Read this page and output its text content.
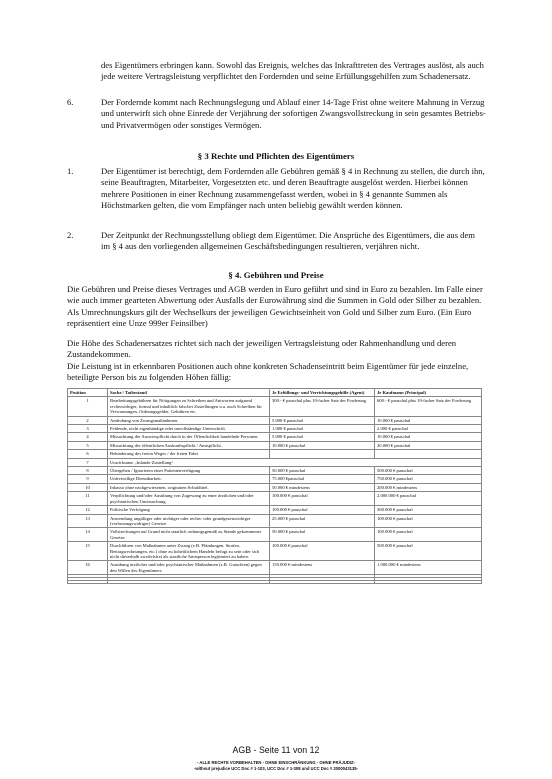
des Eigentümers erbringen kann. Sowohl das Ereignis, welches das Inkrafttreten des Vertrages auslöst, als auch jede weitere Vertragsleistung verpflichtet den Fordernden und seine Erfüllungsgehilfen zum Schadenersatz.

6.	Der Fordernde kommt nach Rechnungslegung und Ablauf einer 14-Tage Frist ohne weitere Mahnung in Verzug und unterwirft sich ohne Einrede der Verjährung der sofortigen Zwangsvollstreckung in sein gesamtes Betriebs- und Privatvermögen oder sonstiges Vermögen.

§ 3 Rechte und Pflichten des Eigentümers
1.	Der Eigentümer ist berechtigt, dem Fordernden alle Gebühren gemäß § 4 in Rechnung zu stellen, die durch ihn, seine Beauftragten, Mitarbeiter, Vorgesetzten etc. und deren Beauftragte ausgelöst werden. Hierbei können mehrere Positionen in einer Rechnung zusammengefasst werden, wobei in § 4 genannte Summen als Höchstmarken gelten, die vom Empfänger nach unten beliebig gewählt werden können.

2.	Der Zeitpunkt der Rechnungsstellung obliegt dem Eigentümer. Die Ansprüche des Eigentümers, die aus dem im § 4 aus den vorliegenden allgemeinen Geschäftsbedingungen resultieren, verjähren nicht.

§ 4. Gebühren und Preise

Die Gebühren und Preise dieses Vertrages und AGB werden in Euro geführt und sind in Euro zu bezahlen. Im Falle einer wie auch immer gearteten Abwertung oder Ausfalls der Eurowährung sind die Summen in Gold oder Silber zu bezahlen. Als Umrechnungskurs gilt der Wechselkurs der jeweiligen Gewichtseinheit von Gold und Silber zum Euro. (Ein Euro repräsentiert eine Unze 999er Feinsilber)

Die Höhe des Schadenersatzes richtet sich nach der jeweiligen Vertragsleistung oder Rahmenhandlung und deren Zustandekommen.

Die Leistung ist in erkennbaren Positionen auch ohne konkreten Schadenseintritt beim Eigentümer für jede einzelne, beteiligte Person bis zu folgenden Höhen fällig:

Position	Sache / Tatbestand	Je Erfüllungs- und Verrichtungsgehilfe (Agent)	Je Kaufmann (Principal)
1	Bearbeitungsgebühren für Nötigungen zu Schreiben und Antworten aufgrund rechtswidriger, formal und inhaltlich falscher Zustellungen u.a. auch Schreiben für Verwarnungen, Ordnungsgelder, Gebühren etc.	300.- € pauschal plus 10-facher Satz der Forderung	600.- € pauschal plus 10-facher Satz der Forderung
2	Androhung von Zwangsmaßnahmen.	5.000 € pauschal	10.000 € pauschal
3	Fehlende, nicht eigenhändige oder unvollständige Unterschrift.	1.000 € pauschal	2.000 € pauschal
4	Missachtung der Auswiespflicht durch in der Öffentlichkeit handelnde Personen.	5.000 € pauschal	10.000 € pauschal
5	Missachtung der öffentlichen Auskunftspflicht / Amtspflicht.	10.000 € pauschal	20.000 € pauschal
6	Behinderung des freien Weges / der freien Fahrt		
7	Unwirksame „Inlands-Zustellung“		
8	Übergehen / Ignorieren einer Patientenverfügung	50.000 € pauschal	500.000 € pauschal
9	Unfreiwillige Dienstbarkeit.	75.000 €pauschal	750.000 € pauschal
10	Inkasso ohne nachgewiesenen, originären Schuldtitel.	50.000 € mindestens	200.000 € mindestens
11	Verpflichtung und/oder Ausübung von Zugewang zu einer ärztlichen und/oder psychiatrischen Untersuchung.	100.000 € pauschal	2.000.000 € pauschal
12	Politische Verfolgung	100.000 € pauschal	300.000 € pauschal
13	Anwendung ungültiger oder nichtiger oder rechts- oder grundgesetzwidriger (verfassungswidriger) Gesetze.	25.000 € pauschal	100.000 € pauschal
14	Vollstreckungen auf Grund nicht staatlich ordnungsgemäß zu Stande gekommener Gesetze.	50.000 € pauschal	100.000 € pauschal
15	Durchführen von Maßnahmen unter Zwang (z.B. Pfändungen, Strafen, Beitragsrechnungen, etc.) ohne zu hoheitlichem Handeln befugt zu sein oder sich nicht dieserhalb zweifelsfrei als staatliche Amtsperson legitimiert zu haben.	100.000 € pauschal	500.000 € pauschal
16	Ausübung ärztlicher und/oder psychiatrischer Maßnahmen (z.B. Gutachten) gegen den Willen des Eigentümers	150.000 € mindestens	1.000.000 € mindestens

AGB - Seite 11 von 12
- ALLE RECHTE VORBEHALTEN - OHNE EINSCHRÄNKUNG - OHNE PRÄJUDIZ-
-without prejudice UCC Doc # 1-103, UCC Doc # 1-308 und UCC Doc # 2000043135-
